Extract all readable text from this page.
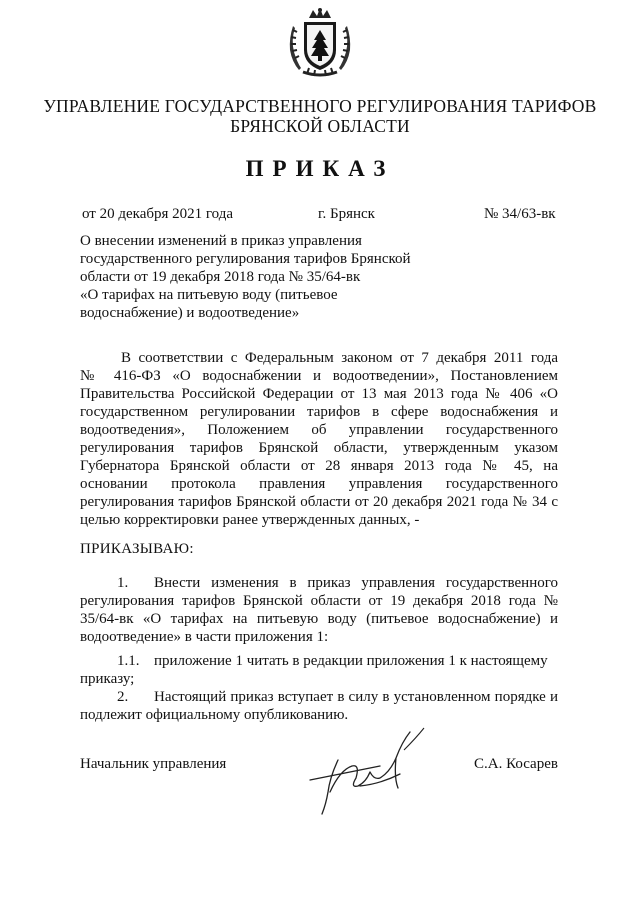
УПРАВЛЕНИЕ ГОСУДАРСТВЕННОГО РЕГУЛИРОВАНИЯ ТАРИФОВ
БРЯНСКОЙ ОБЛАСТИ
ПРИКАЗ
от 20 декабря 2021 года	г. Брянск	№ 34/63-вк
О внесении изменений в приказ управления
государственного регулирования тарифов Брянской
области от 19 декабря 2018 года № 35/64-вк
«О тарифах на питьевую воду (питьевое
водоснабжение) и водоотведение»
В соответствии с Федеральным законом от 7 декабря 2011 года
№ 416-ФЗ «О водоснабжении и водоотведении», Постановлением
Правительства Российской Федерации от 13 мая 2013 года № 406 «О
государственном регулировании тарифов в сфере водоснабжения и
водоотведения», Положением об управлении государственного
регулирования тарифов Брянской области, утвержденным указом
Губернатора Брянской области от 28 января 2013 года № 45, на
основании протокола правления управления государственного
регулирования тарифов Брянской области от 20 декабря 2021 года № 34 с
целью корректировки ранее утвержденных данных, -
ПРИКАЗЫВАЮ:
1. Внести изменения в приказ управления государственного
регулирования тарифов Брянской области от 19 декабря 2018 года №
35/64-вк «О тарифах на питьевую воду (питьевое водоснабжение) и
водоотведение» в части приложения 1:
1.1. приложение 1 читать в редакции приложения 1 к настоящему
приказу;
2. Настоящий приказ вступает в силу в установленном порядке и
подлежит официальному опубликованию.
Начальник управления	С.А. Косарев
